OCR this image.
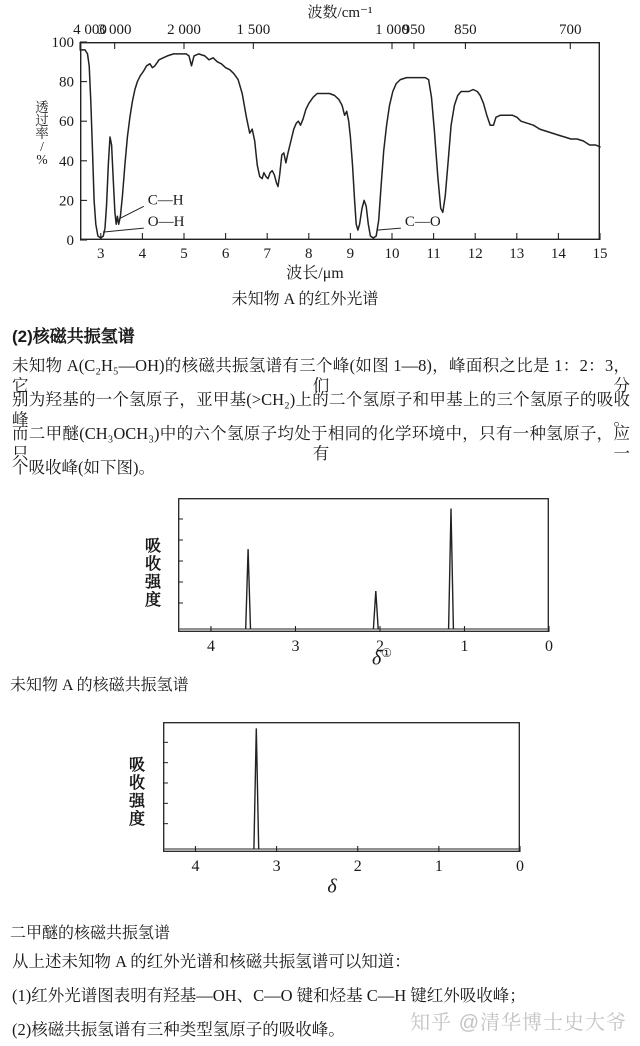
波数/cm⁻¹
透
过
率
/
%
100
80
60
40
20
0
4 000
3 000 2 000 1 500	1 000
950 850	700
3 4 5 6 7 8 9 10 11 12 13 14 15
C—H
O—H	C—O
波长/μm
未知物 A 的红外光谱
(2)核磁共振氢谱
未知物 A(C₂H₅—OH)的核磁共振氢谱有三个峰(如图 1—8)，峰面积之比是 1：2：3，它们分
别为羟基的一个氢原子，亚甲基(>CH₂)上的二个氢原子和甲基上的三个氢原子的吸收峰。
而二甲醚(CH₃OCH₃)中的六个氢原子均处于相同的化学环境中，只有一种氢原子，应只有一
个吸收峰(如下图)。
吸
收
强
度
4	3	2	1	0
δ①
未知物 A 的核磁共振氢谱
吸
收
强
度
4	3	2	1	0
δ
二甲醚的核磁共振氢谱
从上述未知物 A 的红外光谱和核磁共振氢谱可以知道：
(1)红外光谱图表明有羟基—OH、C—O 键和烃基 C—H 键红外吸收峰；
(2)核磁共振氢谱有三种类型氢原子的吸收峰。	知乎 @清华博士史大爷
